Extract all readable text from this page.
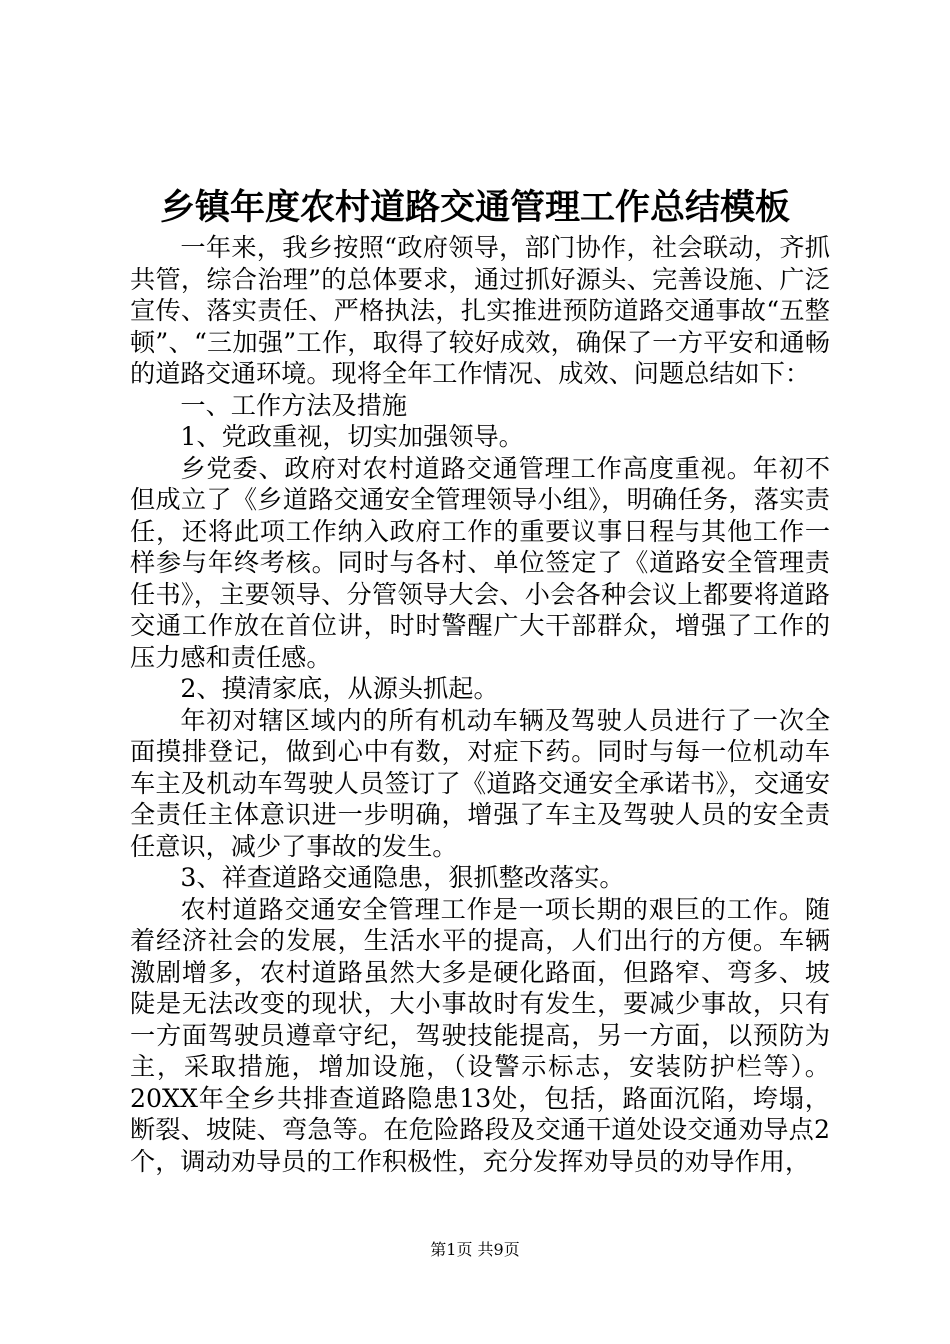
乡镇年度农村道路交通管理工作总结模板

一年来，我乡按照“政府领导，部门协作，社会联动，齐抓共管，综合治理”的总体要求，通过抓好源头、完善设施、广泛宣传、落实责任、严格执法，扎实推进预防道路交通事故“五整顿”、“三加强”工作，取得了较好成效，确保了一方平安和通畅的道路交通环境。现将全年工作情况、成效、问题总结如下：

一、工作方法及措施

1、党政重视，切实加强领导。

乡党委、政府对农村道路交通管理工作高度重视。年初不但成立了《乡道路交通安全管理领导小组》，明确任务，落实责任，还将此项工作纳入政府工作的重要议事日程与其他工作一样参与年终考核。同时与各村、单位签定了《道路安全管理责任书》，主要领导、分管领导大会、小会各种会议上都要将道路交通工作放在首位讲，时时警醒广大干部群众，增强了工作的压力感和责任感。

2、摸清家底，从源头抓起。

年初对辖区域内的所有机动车辆及驾驶人员进行了一次全面摸排登记，做到心中有数，对症下药。同时与每一位机动车车主及机动车驾驶人员签订了《道路交通安全承诺书》，交通安全责任主体意识进一步明确，增强了车主及驾驶人员的安全责任意识，减少了事故的发生。

3、祥查道路交通隐患，狠抓整改落实。

农村道路交通安全管理工作是一项长期的艰巨的工作。随着经济社会的发展，生活水平的提高，人们出行的方便。车辆激剧增多，农村道路虽然大多是硬化路面，但路窄、弯多、坡陡是无法改变的现状，大小事故时有发生，要减少事故，只有一方面驾驶员遵章守纪，驾驶技能提高，另一方面，以预防为主，采取措施，增加设施，（设警示标志，安装防护栏等）。20XX年全乡共排查道路隐患13处，包括，路面沉陷，垮塌，断裂、坡陡、弯急等。在危险路段及交通干道处设交通劝导点2个，调动劝导员的工作积极性，充分发挥劝导员的劝导作用，

第1页 共9页
